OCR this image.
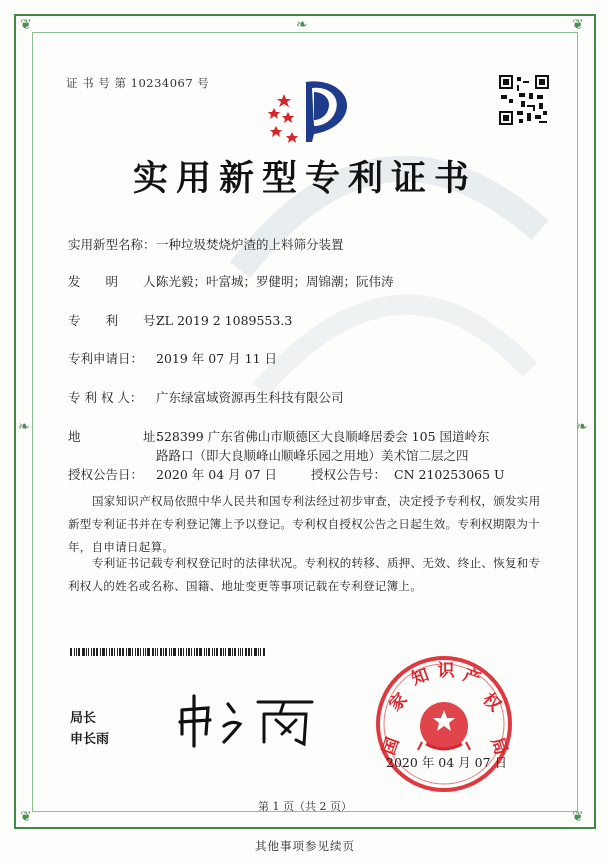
❦	❦
❦	❦
❧
❧	❧
证 书 号 第 10234067 号
实用新型专利证书
实用新型名称：一种垃圾焚烧炉渣的上料筛分装置
发　　明　　人：陈光毅；叶富城；罗健明；周锦潮；阮伟涛
专　　利　　号：ZL 2019 2 1089553.3
专利申请日： 2019 年 07 月 11 日
专 利 权 人： 广东绿富域资源再生科技有限公司
地　　　　　址：
528399 广东省佛山市顺德区大良顺峰居委会 105 国道岭东
路路口（即大良顺峰山顺峰乐园之用地）美术馆二层之四
授权公告日： 2020 年 04 月 07 日	授权公告号： CN 210253065 U
国家知识产权局依照中华人民共和国专利法经过初步审查，决定授予专利权，颁发实用
新型专利证书并在专利登记簿上予以登记。专利权自授权公告之日起生效。专利权期限为十
年，自申请日起算。
专利证书记载专利权登记时的法律状况。专利权的转移、质押、无效、终止、恢复和专
利权人的姓名或名称、国籍、地址变更等事项记载在专利登记簿上。
局长
申长雨	国
家
知 识 产
权
局
2020 年 04 月 07 日
第 1 页（共 2 页）
其他事项参见续页
